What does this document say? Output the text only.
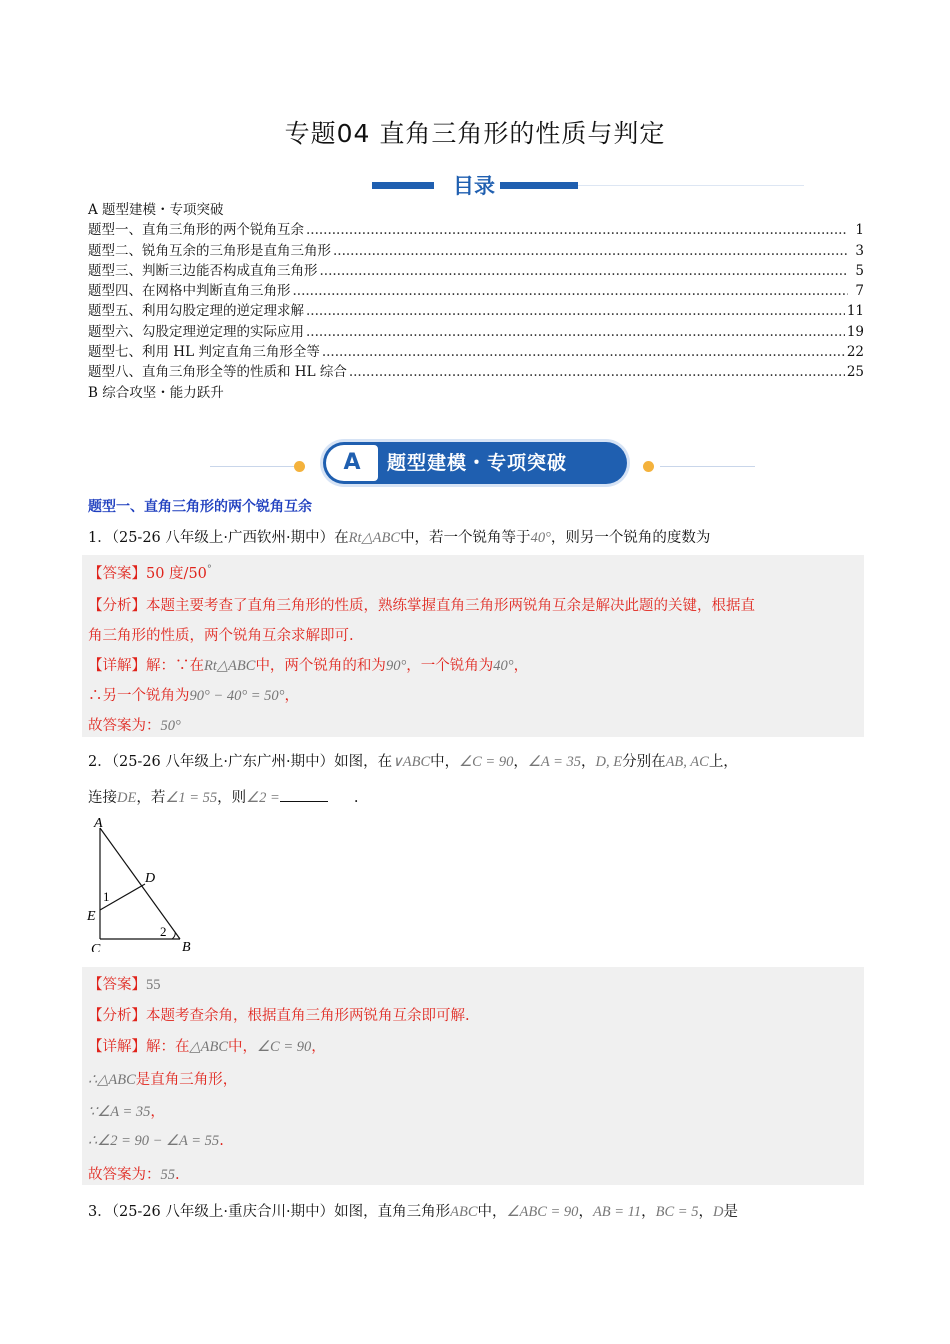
专题04 直角三角形的性质与判定
目录
A 题型建模・专项突破
题型一、直角三角形的两个锐角互余 .....	1
题型二、锐角互余的三角形是直角三角形 .....	3
题型三、判断三边能否构成直角三角形 .....	5
题型四、在网格中判断直角三角形 .....	7
题型五、利用勾股定理的逆定理求解 .....	11
题型六、勾股定理逆定理的实际应用 .....	19
题型七、利用 HL 判定直角三角形全等 .....	22
题型八、直角三角形全等的性质和 HL 综合 .....	25
B 综合攻坚・能力跃升
A	题型建模・专项突破
题型一、直角三角形的两个锐角互余
1．（25-26 八年级上·广西钦州·期中）在Rt△ABC中，若一个锐角等于40°，则另一个锐角的度数为
【答案】50 度/50°
【分析】本题主要考查了直角三角形的性质，熟练掌握直角三角形两锐角互余是解决此题的关键，根据直
角三角形的性质，两个锐角互余求解即可.
【详解】解：∵在Rt△ABC中，两个锐角的和为90°，一个锐角为40°，
∴另一个锐角为90° − 40° = 50°，
故答案为：50°
2．（25-26 八年级上·广东广州·期中）如图，在∨ABC中，∠C = 90，∠A = 35，D, E分别在AB, AC上，
连接DE，若∠1 = 55，则∠2 =	.
A
D
E
C	B
1
2
【答案】55
【分析】本题考查余角，根据直角三角形两锐角互余即可解.
【详解】解：在△ABC中，∠C = 90，
∴△ABC是直角三角形，
∵∠A = 35，
∴∠2 = 90 − ∠A = 55.
故答案为：55.
3．（25-26 八年级上·重庆合川·期中）如图，直角三角形ABC中，∠ABC = 90，AB = 11，BC = 5，D是
